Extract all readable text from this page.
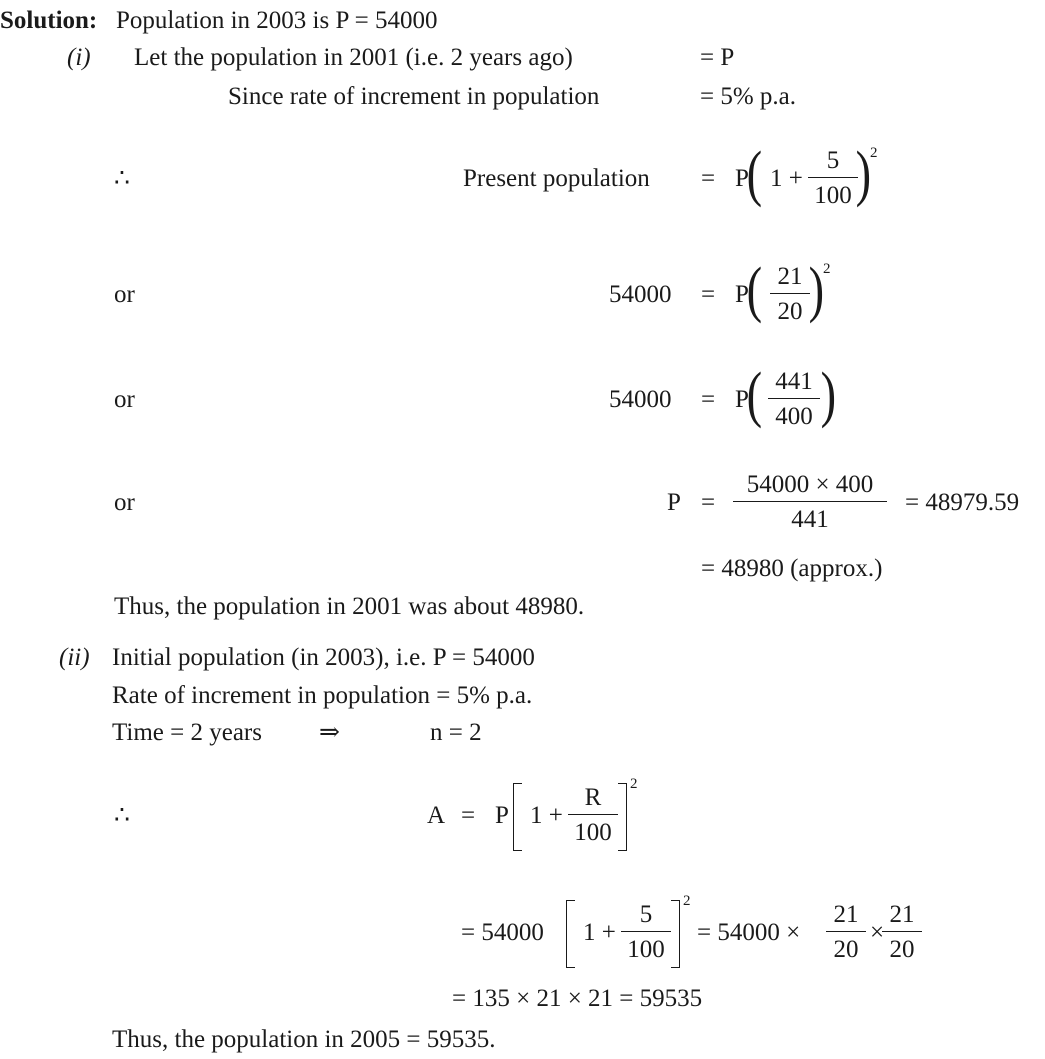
Solution: Population in 2003 is P = 54000
(i) Let the population in 2001 (i.e. 2 years ago)	= P
Since rate of increment in population	= 5% p.a.
∴	Present population = P
( $1 + \frac{5}{100}$
)
2
or	54000 = P
( $\frac{21}{20}$
)
2
or	54000 = P
( $\frac{441}{400}$ )
or	$P = \frac{54000 \times 400}{441} = 48979.59$
= 48980 (approx.)
Thus, the population in 2001 was about 48980.
(ii) Initial population (in 2003), i.e. P = 54000
Rate of increment in population = 5% p.a.
Time = 2 years ⇒	n = 2
∴	A = P $1 + \frac{R}{100}$
2
= 54000 $1 + \frac{5}{100}$
2
= $54000 \times \frac{21}{20}$ ×
$\frac{21}{20}$
= 135 × 21 × 21 = 59535
Thus, the population in 2005 = 59535.
